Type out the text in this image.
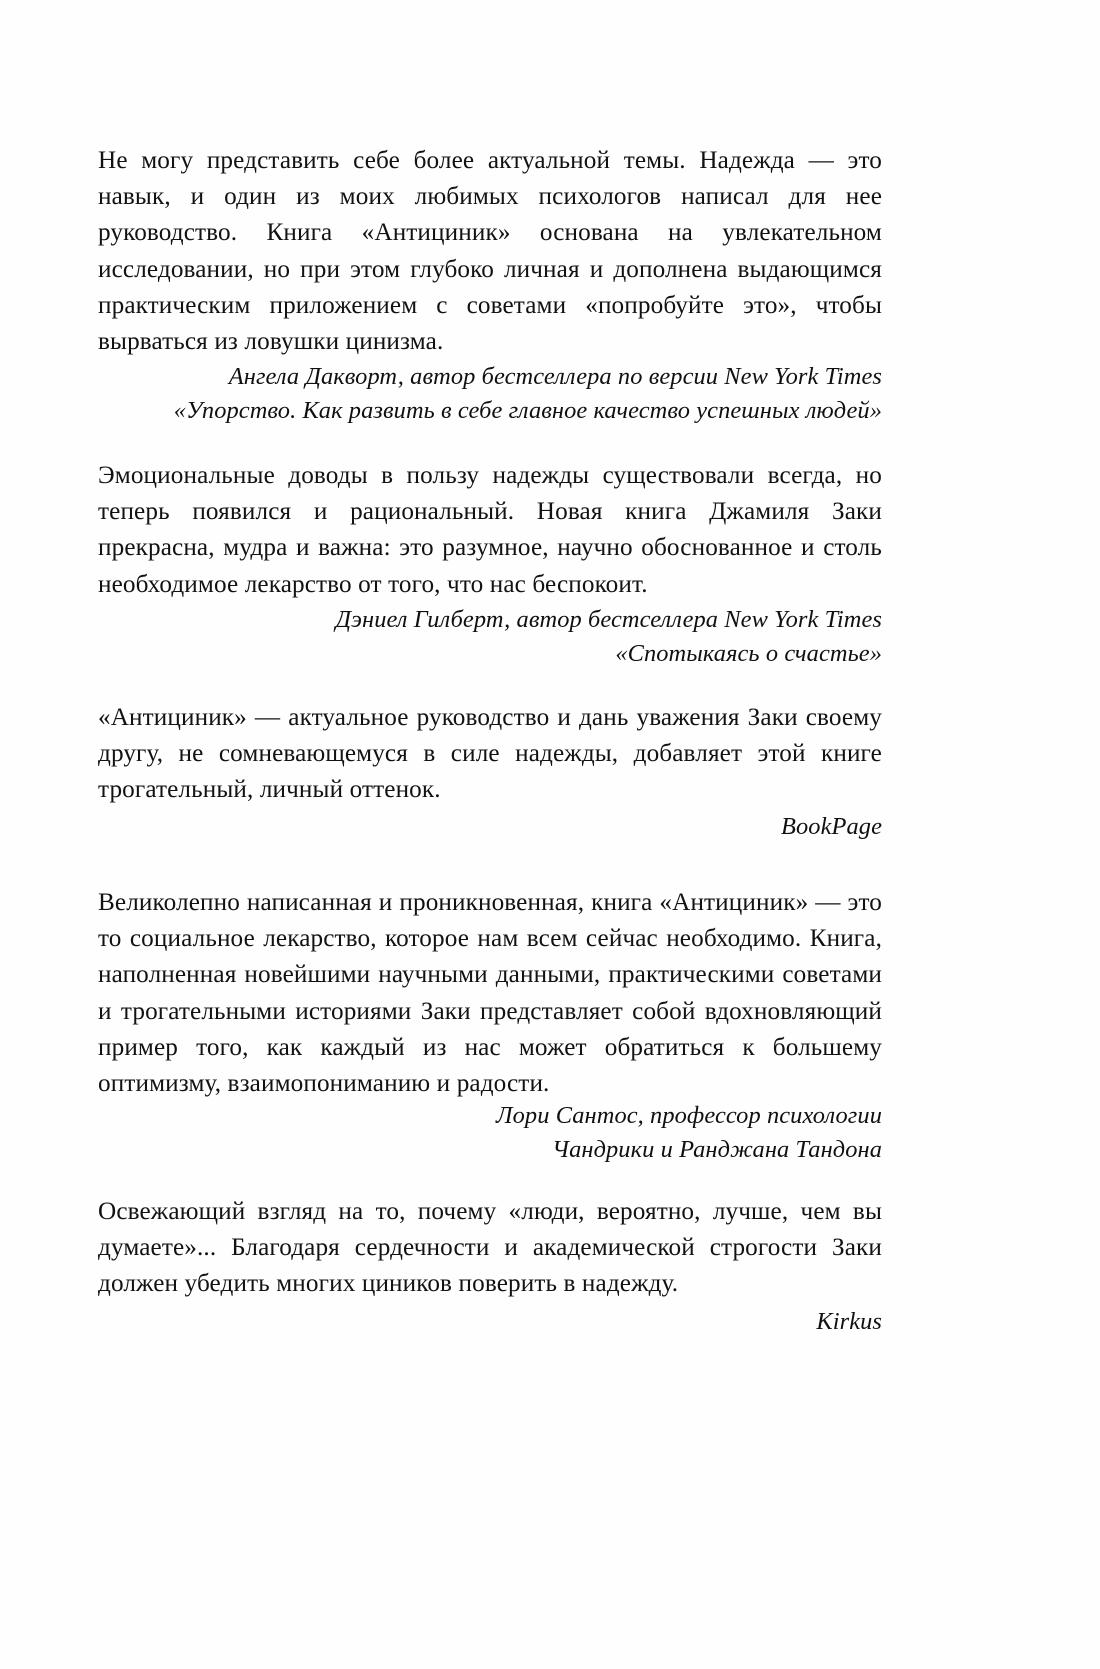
Не могу представить себе более актуальной темы. Надежда — это навык, и один из моих любимых психологов написал для нее руководство. Книга «Антициник» основана на увлекательном исследовании, но при этом глубоко личная и дополнена выдающимся практическим приложением с советами «попробуйте это», чтобы вырваться из ловушки цинизма.

Ангела Дакворт, автор бестселлера по версии New York Times
«Упорство. Как развить в себе главное качество успешных людей»

Эмоциональные доводы в пользу надежды существовали всегда, но теперь появился и рациональный. Новая книга Джамиля Заки прекрасна, мудра и важна: это разумное, научно обоснованное и столь необходимое лекарство от того, что нас беспокоит.

Дэниел Гилберт, автор бестселлера New York Times
«Спотыкаясь о счастье»

«Антициник» — актуальное руководство и дань уважения Заки своему другу, не сомневающемуся в силе надежды, добавляет этой книге трогательный, личный оттенок.

BookPage

Великолепно написанная и проникновенная, книга «Антициник» — это то социальное лекарство, которое нам всем сейчас необходимо. Книга, наполненная новейшими научными данными, практическими советами и трогательными историями Заки представляет собой вдохновляющий пример того, как каждый из нас может обратиться к большему оптимизму, взаимопониманию и радости.

Лори Сантос, профессор психологии
Чандрики и Ранджана Тандона

Освежающий взгляд на то, почему «люди, вероятно, лучше, чем вы думаете»... Благодаря сердечности и академической строгости Заки должен убедить многих циников поверить в надежду.

Kirkus
